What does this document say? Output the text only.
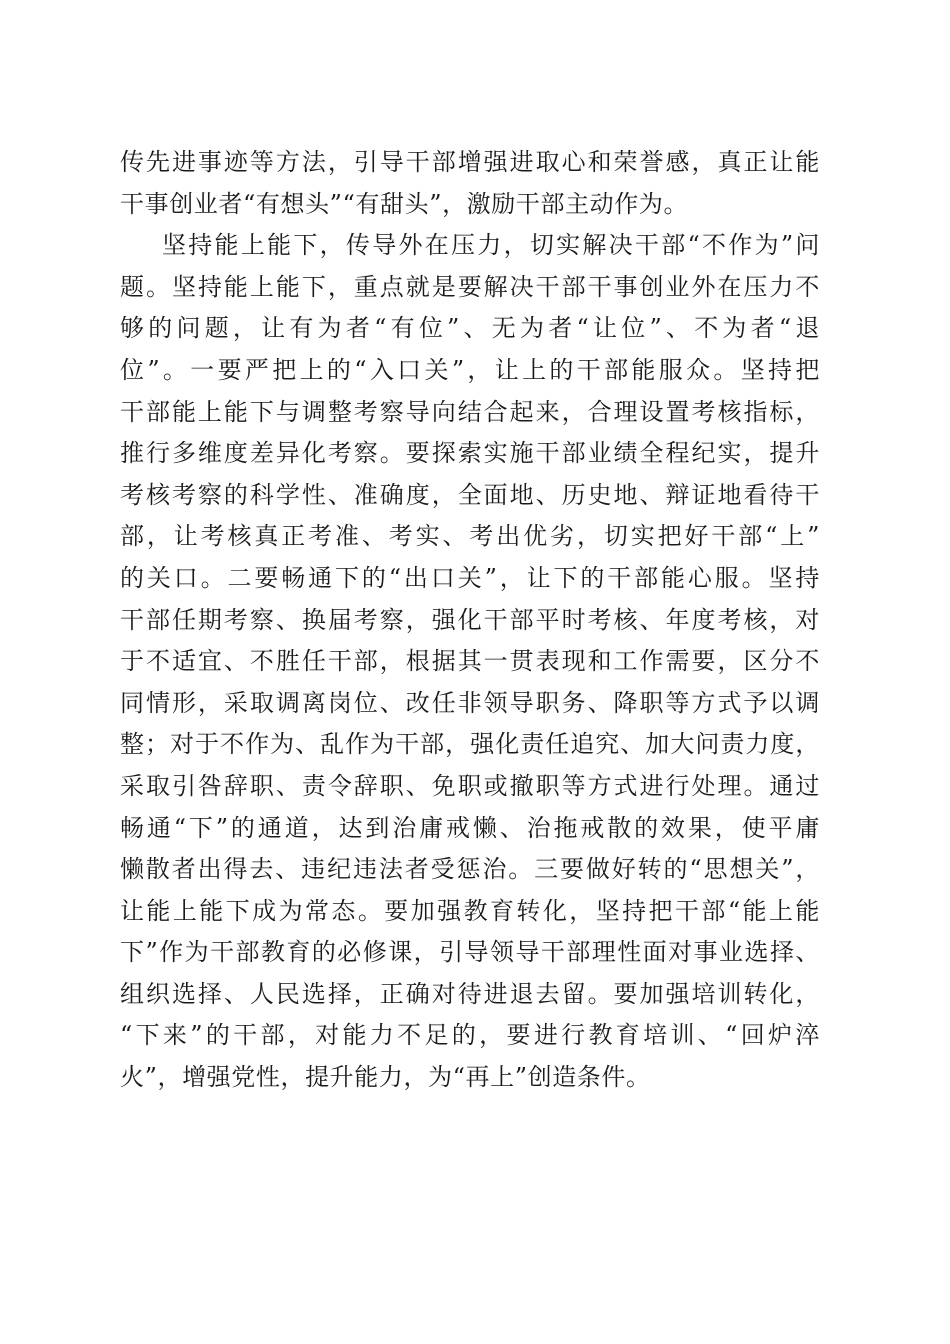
传先进事迹等方法，引导干部增强进取心和荣誉感，真正让能
干事创业者“有想头”“有甜头”，激励干部主动作为。
坚持能上能下，传导外在压力，切实解决干部“不作为”问
题。坚持能上能下，重点就是要解决干部干事创业外在压力不
够的问题，让有为者“有位”、无为者“让位”、不为者“退
位”。一要严把上的“入口关”，让上的干部能服众。坚持把
干部能上能下与调整考察导向结合起来，合理设置考核指标，
推行多维度差异化考察。要探索实施干部业绩全程纪实，提升
考核考察的科学性、准确度，全面地、历史地、辩证地看待干
部，让考核真正考准、考实、考出优劣，切实把好干部“上”
的关口。二要畅通下的“出口关”，让下的干部能心服。坚持
干部任期考察、换届考察，强化干部平时考核、年度考核，对
于不适宜、不胜任干部，根据其一贯表现和工作需要，区分不
同情形，采取调离岗位、改任非领导职务、降职等方式予以调
整；对于不作为、乱作为干部，强化责任追究、加大问责力度，
采取引咎辞职、责令辞职、免职或撤职等方式进行处理。通过
畅通“下”的通道，达到治庸戒懒、治拖戒散的效果，使平庸
懒散者出得去、违纪违法者受惩治。三要做好转的“思想关”，
让能上能下成为常态。要加强教育转化，坚持把干部“能上能
下”作为干部教育的必修课，引导领导干部理性面对事业选择、
组织选择、人民选择，正确对待进退去留。要加强培训转化，
“下来”的干部，对能力不足的，要进行教育培训、“回炉淬
火”，增强党性，提升能力，为“再上”创造条件。
